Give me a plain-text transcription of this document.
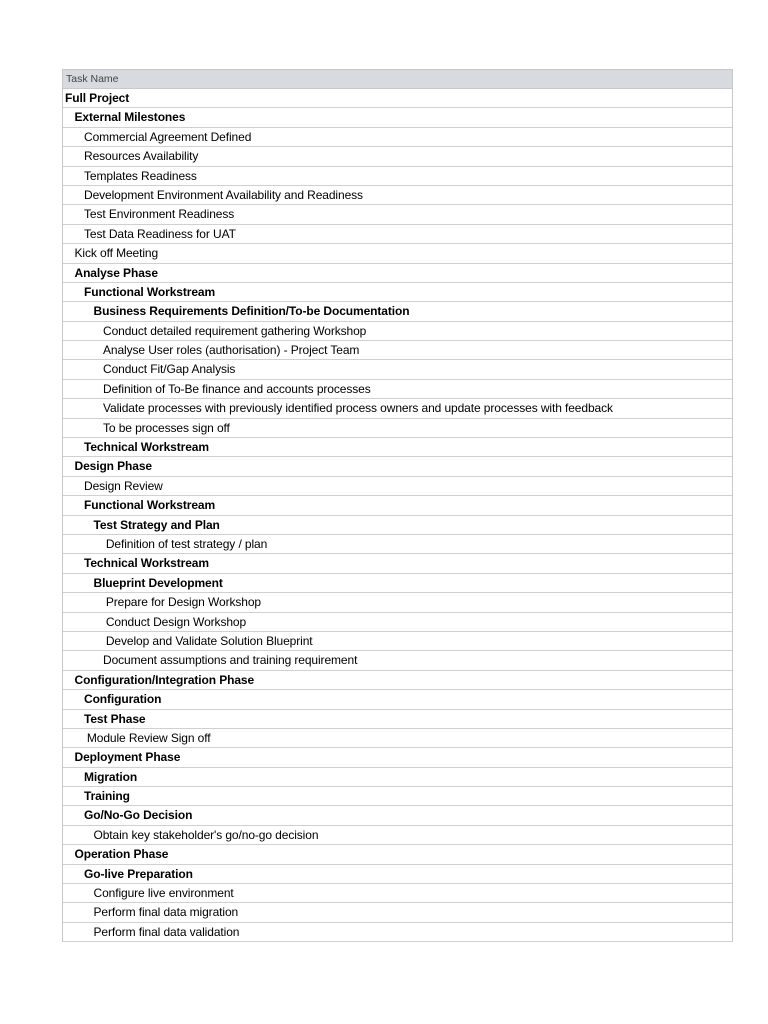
Task Name
Full Project
External Milestones
Commercial Agreement Defined
Resources Availability
Templates Readiness
Development Environment Availability and Readiness
Test Environment Readiness
Test Data Readiness for UAT
Kick off Meeting
Analyse Phase
Functional Workstream
Business Requirements Definition/To-be Documentation
Conduct detailed requirement gathering Workshop
Analyse User roles (authorisation) - Project Team
Conduct Fit/Gap Analysis
Definition of To-Be finance and accounts processes
Validate processes with previously identified process owners and update processes with feedback
To be processes sign off
Technical Workstream
Design Phase
Design Review
Functional Workstream
Test Strategy and Plan
Definition of test strategy / plan
Technical Workstream
Blueprint Development
Prepare for Design Workshop
Conduct Design Workshop
Develop and Validate Solution Blueprint
Document assumptions and training requirement
Configuration/Integration Phase
Configuration
Test Phase
Module Review Sign off
Deployment Phase
Migration
Training
Go/No-Go Decision
Obtain key stakeholder's go/no-go decision
Operation Phase
Go-live Preparation
Configure live environment
Perform final data migration
Perform final data validation
